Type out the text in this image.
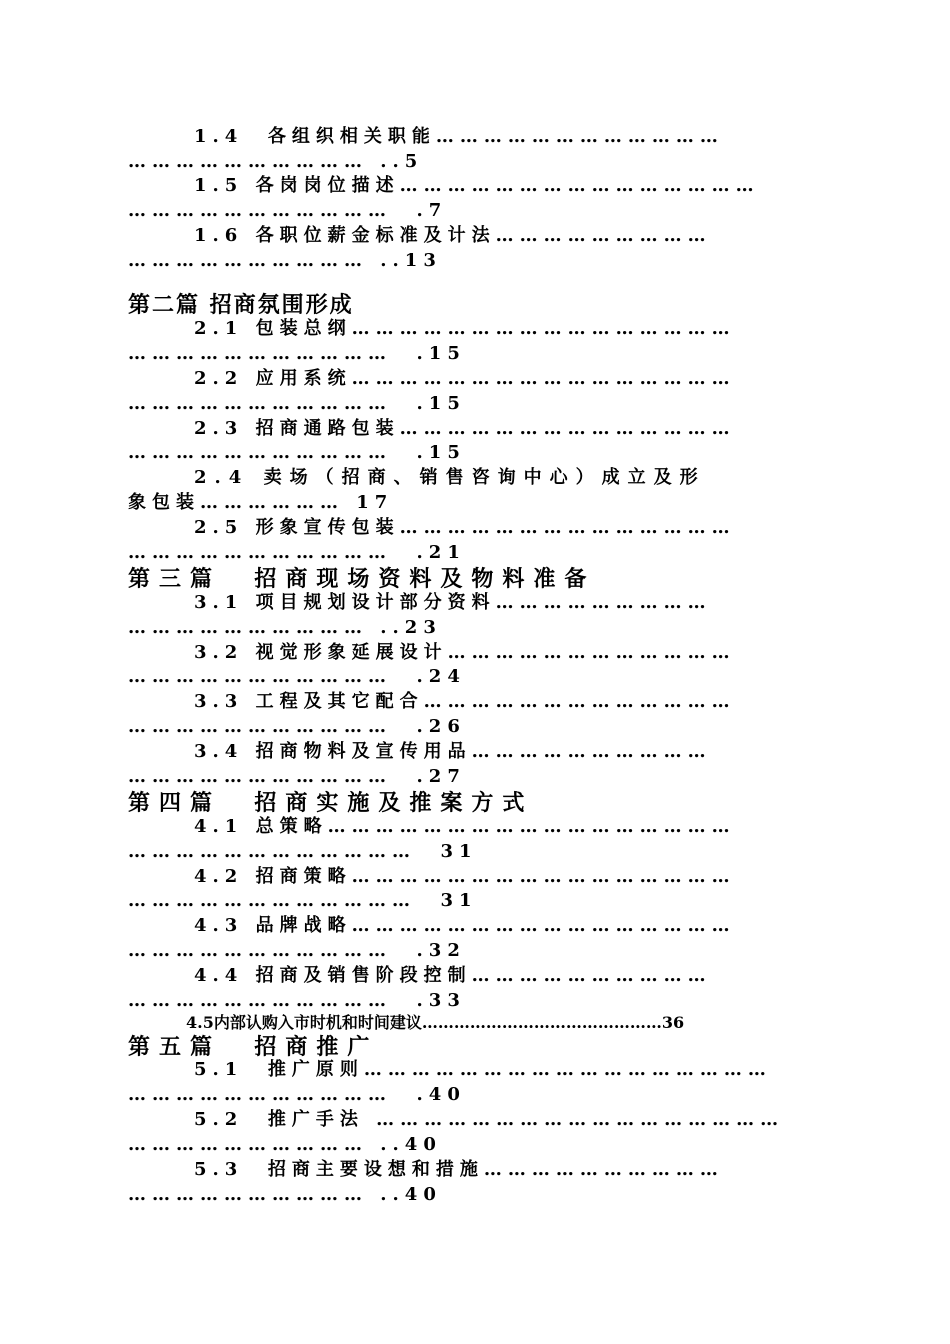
1.4  各组织相关职能………………………………
………………………… ..5
1.5 各岗岗位描述………………………………………
……………………………  .7
1.6 各职位薪金标准及计法………………………
………………………… ..13
第二篇 招商氛围形成
2.1 包装总纲…………………………………………
……………………………  .15
2.2 应用系统…………………………………………
……………………………  .15
2.3 招商通路包装……………………………………
……………………………  .15
2.4 卖场（招商、销售咨询中心）成立及形
象包装……………… 17
2.5 形象宣传包装……………………………………
……………………………  .21
第三篇  招商现场资料及物料准备
3.1 项目规划设计部分资料………………………
………………………… ..23
3.2 视觉形象延展设计………………………………
……………………………  .24
3.3 工程及其它配合…………………………………
……………………………  .26
3.4 招商物料及宣传用品…………………………
……………………………  .27
第四篇  招商实施及推案方式
4.1 总策略……………………………………………
………………………………  31
4.2 招商策略…………………………………………
………………………………  31
4.3 品牌战略…………………………………………
……………………………  .32
4.4 招商及销售阶段控制…………………………
……………………………  .33
4.5内部认购入市时机和时间建议………………………………………36
第五篇  招商推广
5.1  推广原则……………………………………………
……………………………  .40
5.2  推广手法 ……………………………………………
………………………… ..40
5.3  招商主要设想和措施…………………………
………………………… ..40
